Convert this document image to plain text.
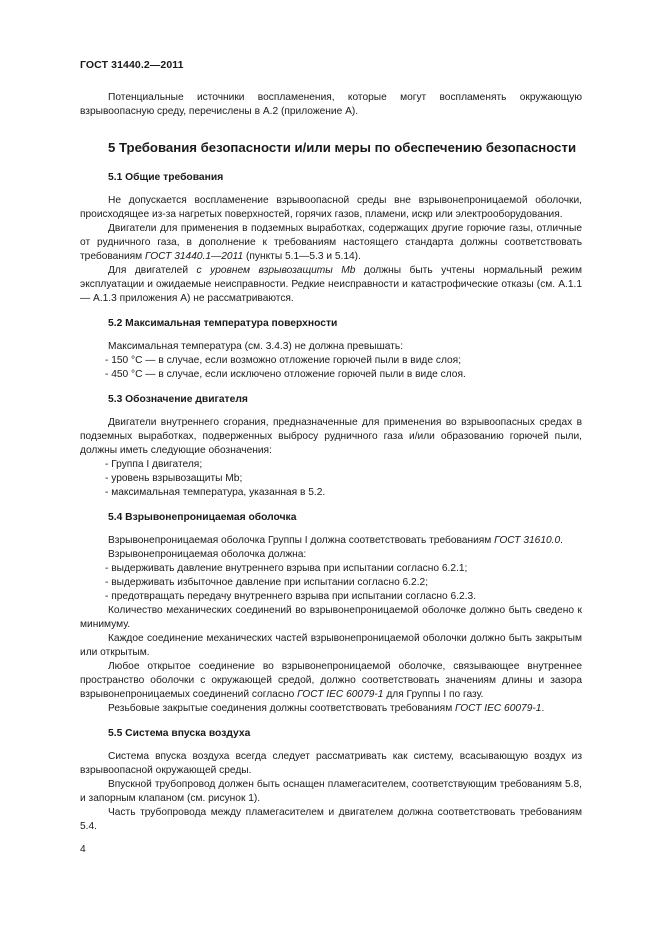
ГОСТ 31440.2—2011

Потенциальные источники воспламенения, которые могут воспламенять окружающую взрывоопасную среду, перечислены в А.2 (приложение А).

5 Требования безопасности и/или меры по обеспечению безопасности
5.1 Общие требования

Не допускается воспламенение взрывоопасной среды вне взрывонепроницаемой оболочки, происходящее из-за нагретых поверхностей, горячих газов, пламени, искр или электрооборудования.

Двигатели для применения в подземных выработках, содержащих другие горючие газы, отличные от рудничного газа, в дополнение к требованиям настоящего стандарта должны соответствовать требованиям ГОСТ 31440.1—2011 (пункты 5.1—5.3 и 5.14).

Для двигателей с уровнем взрывозащиты Mb должны быть учтены нормальный режим эксплуатации и ожидаемые неисправности. Редкие неисправности и катастрофические отказы (см. А.1.1 — А.1.3 приложения А) не рассматриваются.

5.2 Максимальная температура поверхности

Максимальная температура (см. 3.4.3) не должна превышать:

- 150 °С — в случае, если возможно отложение горючей пыли в виде слоя;

- 450 °С — в случае, если исключено отложение горючей пыли в виде слоя.

5.3 Обозначение двигателя

Двигатели внутреннего сгорания, предназначенные для применения во взрывоопасных средах в подземных выработках, подверженных выбросу рудничного газа и/или образованию горючей пыли, должны иметь следующие обозначения:

- Группа I двигателя;

- уровень взрывозащиты Mb;

- максимальная температура, указанная в 5.2.

5.4 Взрывонепроницаемая оболочка

Взрывонепроницаемая оболочка Группы I должна соответствовать требованиям ГОСТ 31610.0.

Взрывонепроницаемая оболочка должна:

- выдерживать давление внутреннего взрыва при испытании согласно 6.2.1;

- выдерживать избыточное давление при испытании согласно 6.2.2;

- предотвращать передачу внутреннего взрыва при испытании согласно 6.2.3.

Количество механических соединений во взрывонепроницаемой оболочке должно быть сведено к минимуму.

Каждое соединение механических частей взрывонепроницаемой оболочки должно быть закрытым или открытым.

Любое открытое соединение во взрывонепроницаемой оболочке, связывающее внутреннее пространство оболочки с окружающей средой, должно соответствовать значениям длины и зазора взрывонепроницаемых соединений согласно ГОСТ IEC 60079-1 для Группы I по газу.

Резьбовые закрытые соединения должны соответствовать требованиям ГОСТ IEC 60079-1.

5.5 Система впуска воздуха

Система впуска воздуха всегда следует рассматривать как систему, всасывающую воздух из взрывоопасной окружающей среды.

Впускной трубопровод должен быть оснащен пламегасителем, соответствующим требованиям 5.8, и запорным клапаном (см. рисунок 1).

Часть трубопровода между пламегасителем и двигателем должна соответствовать требованиям 5.4.

4
